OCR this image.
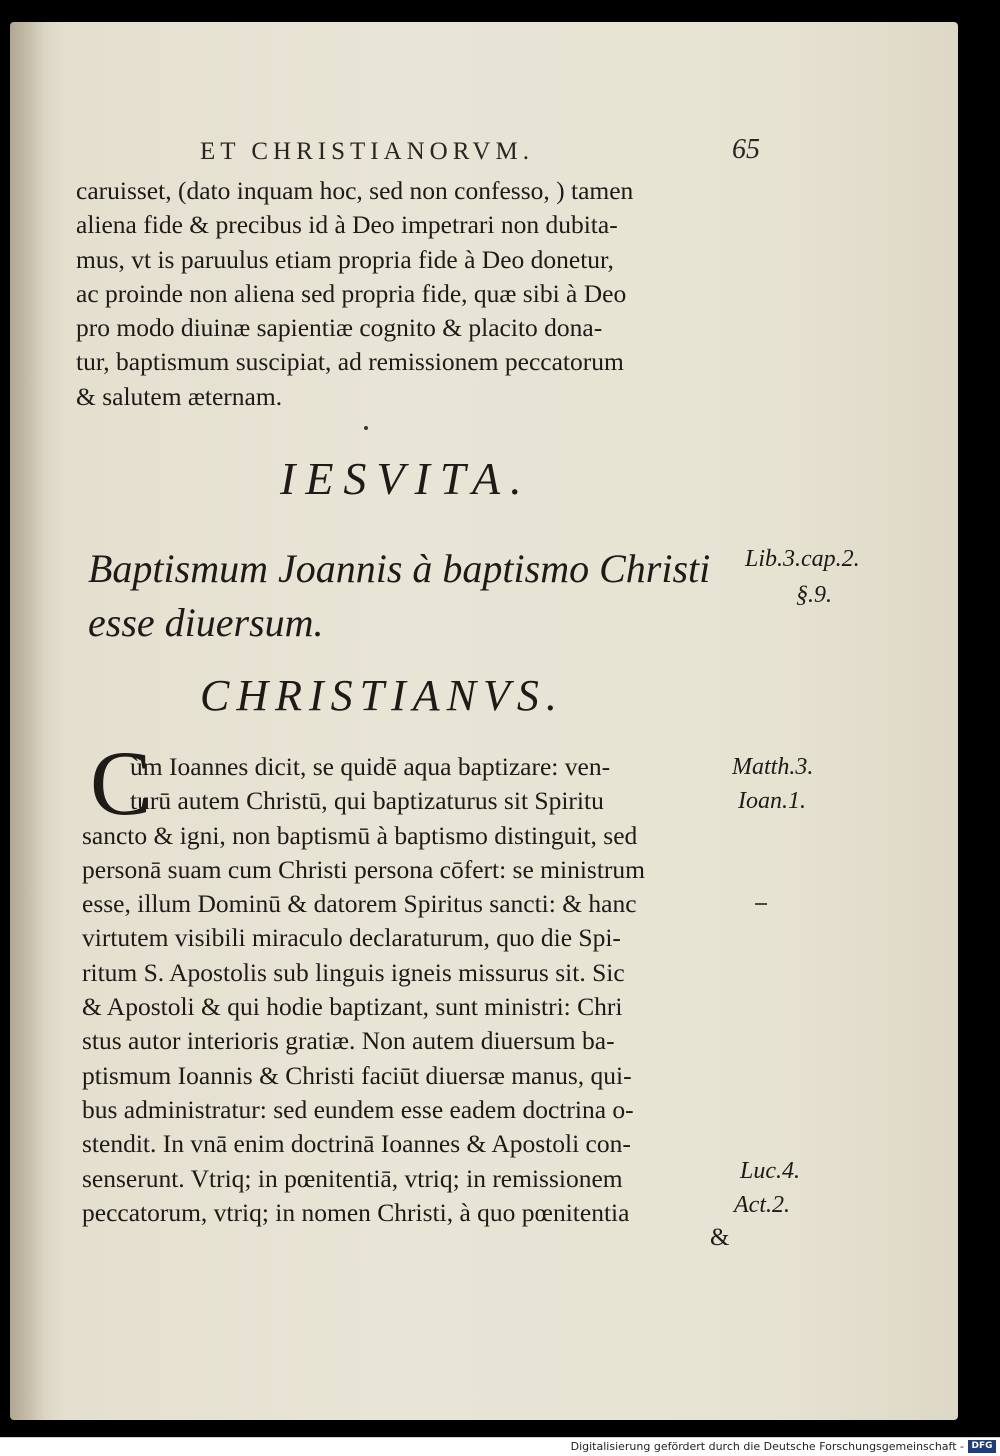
ET CHRISTIANORVM.	65
caruisset, (dato inquam hoc, sed non confesso, ) tamen
aliena fide & precibus id à Deo impetrari non dubita-
mus, vt is paruulus etiam propria fide à Deo donetur,
ac proinde non aliena sed propria fide, quæ sibi à Deo
pro modo diuinæ sapientiæ cognito & placito dona-
tur, baptismum suscipiat, ad remissionem peccatorum
& salutem æternam.
IESVITA.
Baptismum Joannis à baptismo Christi
esse diuersum.
Lib.3.cap.2.
§.9.
CHRISTIANVS.
C
ùm Ioannes dicit, se quidē aqua baptizare: ven-
turū autem Christū, qui baptizaturus sit Spiritu
sancto & igni, non baptismū à baptismo distinguit, sed
personā suam cum Christi persona cōfert: se ministrum
esse, illum Dominū & datorem Spiritus sancti: & hanc
virtutem visibili miraculo declaraturum, quo die Spi-
ritum S. Apostolis sub linguis igneis missurus sit. Sic
& Apostoli & qui hodie baptizant, sunt ministri: Chri
stus autor interioris gratiæ. Non autem diuersum ba-
ptismum Ioannis & Christi faciūt diuersæ manus, qui-
bus administratur: sed eundem esse eadem doctrina o-
stendit. In vnā enim doctrinā Ioannes & Apostoli con-
senserunt. Vtriq; in pœnitentiā, vtriq; in remissionem
peccatorum, vtriq; in nomen Christi, à quo pœnitentia
Matth.3.
Ioan.1.
Luc.4.
Act.2.
&
Digitalisierung gefördert durch die Deutsche Forschungsgemeinschaft - DFG
